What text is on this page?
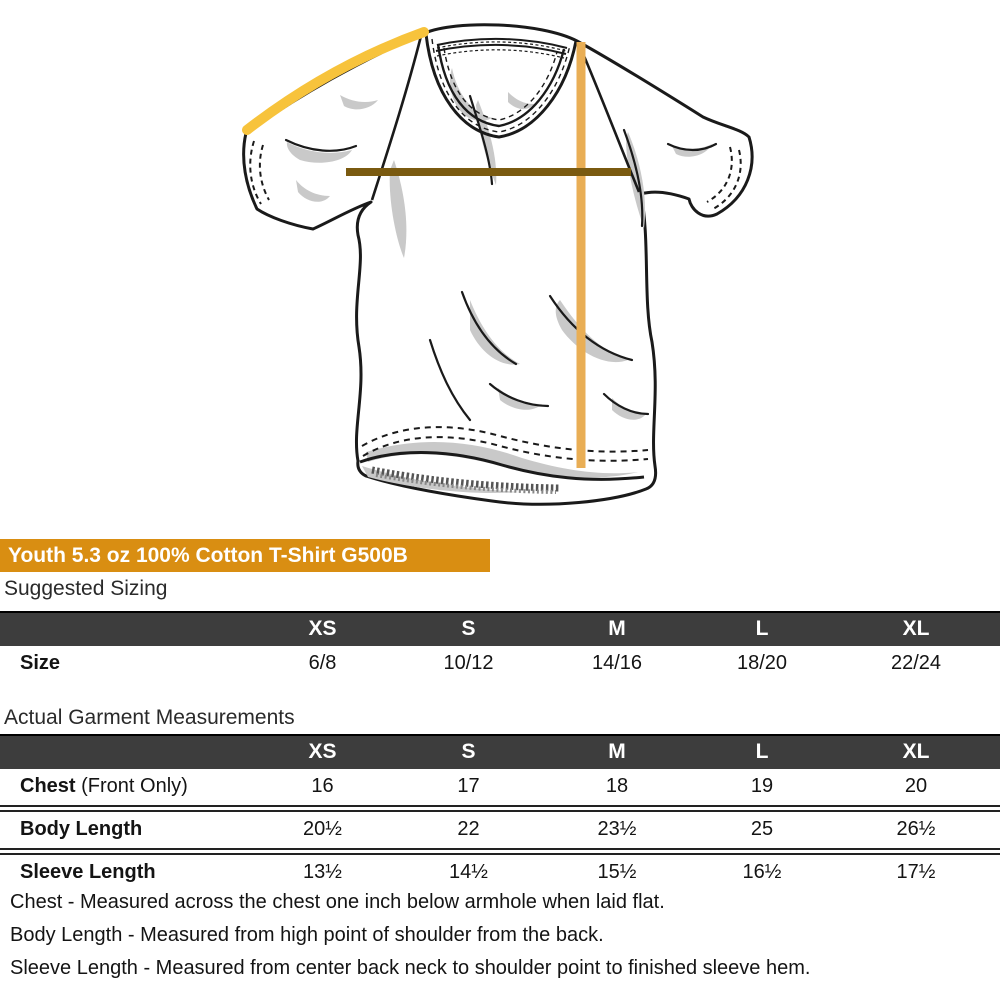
Youth 5.3 oz 100% Cotton T-Shirt G500B
Suggested Sizing
	XS	S	M	L	XL
Size	6/8	10/12	14/16	18/20	22/24
Actual Garment Measurements
	XS	S	M	L	XL
Chest (Front Only)	16	17	18	19	20
Body Length	20½	22	23½	25	26½
Sleeve Length	13½	14½	15½	16½	17½
Chest - Measured across the chest one inch below armhole when laid flat.
Body Length - Measured from high point of shoulder from the back.
Sleeve Length - Measured from center back neck to shoulder point to finished sleeve hem.
